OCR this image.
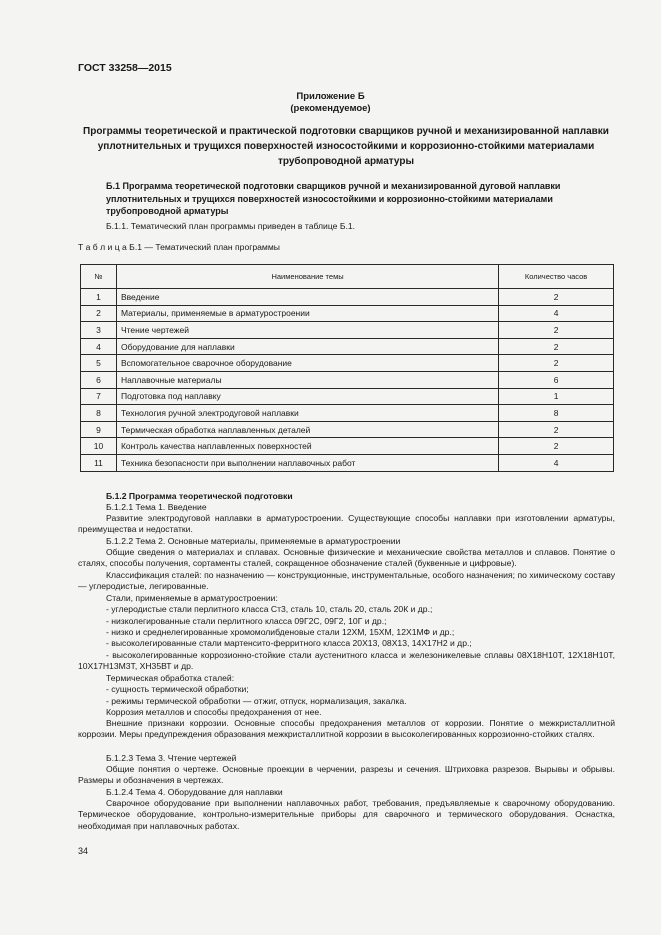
ГОСТ 33258—2015
Приложение Б
(рекомендуемое)
Программы теоретической и практической подготовки сварщиков ручной и механизированной наплавки уплотнительных и трущихся поверхностей износостойкими и коррозионно-стойкими материалами трубопроводной арматуры
Б.1 Программа теоретической подготовки сварщиков ручной и механизированной дуговой наплавки уплотнительных и трущихся поверхностей износостойкими и коррозионно-стойкими материалами трубопроводной арматуры
Б.1.1. Тематический план программы приведен в таблице Б.1.
Т а б л и ц а Б.1 — Тематический план программы
№	Наименование темы	Количество часов
1	Введение	2
2	Материалы, применяемые в арматуростроении	4
3	Чтение чертежей	2
4	Оборудование для наплавки	2
5	Вспомогательное сварочное оборудование	2
6	Наплавочные материалы	6
7	Подготовка под наплавку	1
8	Технология ручной электродуговой наплавки	8
9	Термическая обработка наплавленных деталей	2
10	Контроль качества наплавленных поверхностей	2
11	Техника безопасности при выполнении наплавочных работ	4
Б.1.2 Программа теоретической подготовки
Б.1.2.1 Тема 1. Введение
Развитие электродуговой наплавки в арматуростроении. Существующие способы наплавки при изготовлении арматуры, преимущества и недостатки.
Б.1.2.2 Тема 2. Основные материалы, применяемые в арматуростроении
Общие сведения о материалах и сплавах. Основные физические и механические свойства металлов и сплавов. Понятие о сталях, способы получения, сортаменты сталей, сокращенное обозначение сталей (буквенные и цифровые).
Классификация сталей: по назначению — конструкционные, инструментальные, особого назначения; по химическому составу — углеродистые, легированные.
Стали, применяемые в арматуростроении:
- углеродистые стали перлитного класса Ст3, сталь 10, сталь 20, сталь 20К и др.;
- низколегированные стали перлитного класса 09Г2С, 09Г2, 10Г и др.;
- низко и среднелегированные хромомолибденовые стали 12ХМ, 15ХМ, 12Х1МФ и др.;
- высоколегированные стали мартенсито-ферритного класса 20Х13, 08Х13, 14Х17Н2 и др.;
- высоколегированные коррозионно-стойкие стали аустенитного класса и железоникелевые сплавы 08Х18Н10Т, 12Х18Н10Т, 10Х17Н13М3Т, ХН35ВТ и др.
Термическая обработка сталей:
- сущность термической обработки;
- режимы термической обработки — отжиг, отпуск, нормализация, закалка.
Коррозия металлов и способы предохранения от нее.
Внешние признаки коррозии. Основные способы предохранения металлов от коррозии. Понятие о межкристаллитной коррозии. Меры предупреждения образования межкристаллитной коррозии в высоколегированных коррозионно-стойких сталях.
Б.1.2.3 Тема 3. Чтение чертежей
Общие понятия о чертеже. Основные проекции в черчении, разрезы и сечения. Штриховка разрезов. Вырывы и обрывы. Размеры и обозначения в чертежах.
Б.1.2.4 Тема 4. Оборудование для наплавки
Сварочное оборудование при выполнении наплавочных работ, требования, предъявляемые к сварочному оборудованию. Термическое оборудование, контрольно-измерительные приборы для сварочного и термического оборудования. Оснастка, необходимая при наплавочных работах.
34
